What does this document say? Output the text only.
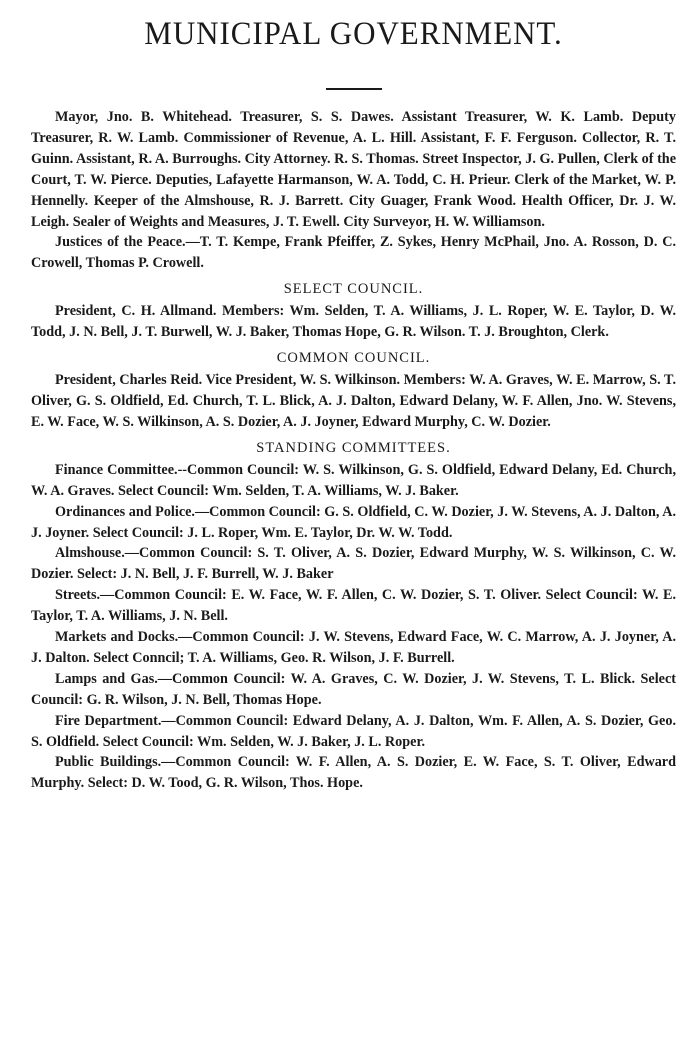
MUNICIPAL GOVERNMENT.

Mayor, Jno. B. Whitehead. Treasurer, S. S. Dawes. Assistant Treasurer, W. K. Lamb. Deputy Treasurer, R. W. Lamb. Commissioner of Revenue, A. L. Hill. Assistant, F. F. Ferguson. Collector, R. T. Guinn. Assistant, R. A. Burroughs. City Attorney. R. S. Thomas. Street Inspector, J. G. Pullen, Clerk of the Court, T. W. Pierce. Deputies, Lafayette Harmanson, W. A. Todd, C. H. Prieur. Clerk of the Market, W. P. Hennelly. Keeper of the Almshouse, R. J. Barrett. City Guager, Frank Wood. Health Officer, Dr. J. W. Leigh. Sealer of Weights and Measures, J. T. Ewell. City Surveyor, H. W. Williamson.

Justices of the Peace.—T. T. Kempe, Frank Pfeiffer, Z. Sykes, Henry McPhail, Jno. A. Rosson, D. C. Crowell, Thomas P. Crowell.

SELECT COUNCIL.

President, C. H. Allmand. Members: Wm. Selden, T. A. Williams, J. L. Roper, W. E. Taylor, D. W. Todd, J. N. Bell, J. T. Burwell, W. J. Baker, Thomas Hope, G. R. Wilson. T. J. Broughton, Clerk.

COMMON COUNCIL.

President, Charles Reid. Vice President, W. S. Wilkinson. Members: W. A. Graves, W. E. Marrow, S. T. Oliver, G. S. Oldfield, Ed. Church, T. L. Blick, A. J. Dalton, Edward Delany, W. F. Allen, Jno. W. Stevens, E. W. Face, W. S. Wilkinson, A. S. Dozier, A. J. Joyner, Edward Murphy, C. W. Dozier.

STANDING COMMITTEES.

Finance Committee.--Common Council: W. S. Wilkinson, G. S. Oldfield, Edward Delany, Ed. Church, W. A. Graves. Select Council: Wm. Selden, T. A. Williams, W. J. Baker.

Ordinances and Police.—Common Council: G. S. Oldfield, C. W. Dozier, J. W. Stevens, A. J. Dalton, A. J. Joyner. Select Council: J. L. Roper, Wm. E. Taylor, Dr. W. W. Todd.

Almshouse.—Common Council: S. T. Oliver, A. S. Dozier, Edward Murphy, W. S. Wilkinson, C. W. Dozier. Select: J. N. Bell, J. F. Burrell, W. J. Baker

Streets.—Common Council: E. W. Face, W. F. Allen, C. W. Dozier, S. T. Oliver. Select Council: W. E. Taylor, T. A. Williams, J. N. Bell.

Markets and Docks.—Common Council: J. W. Stevens, Edward Face, W. C. Marrow, A. J. Joyner, A. J. Dalton. Select Conncil; T. A. Williams, Geo. R. Wilson, J. F. Burrell.

Lamps and Gas.—Common Council: W. A. Graves, C. W. Dozier, J. W. Stevens, T. L. Blick. Select Council: G. R. Wilson, J. N. Bell, Thomas Hope.

Fire Department.—Common Council: Edward Delany, A. J. Dalton, Wm. F. Allen, A. S. Dozier, Geo. S. Oldfield. Select Council: Wm. Selden, W. J. Baker, J. L. Roper.

Public Buildings.—Common Council: W. F. Allen, A. S. Dozier, E. W. Face, S. T. Oliver, Edward Murphy. Select: D. W. Tood, G. R. Wilson, Thos. Hope.
